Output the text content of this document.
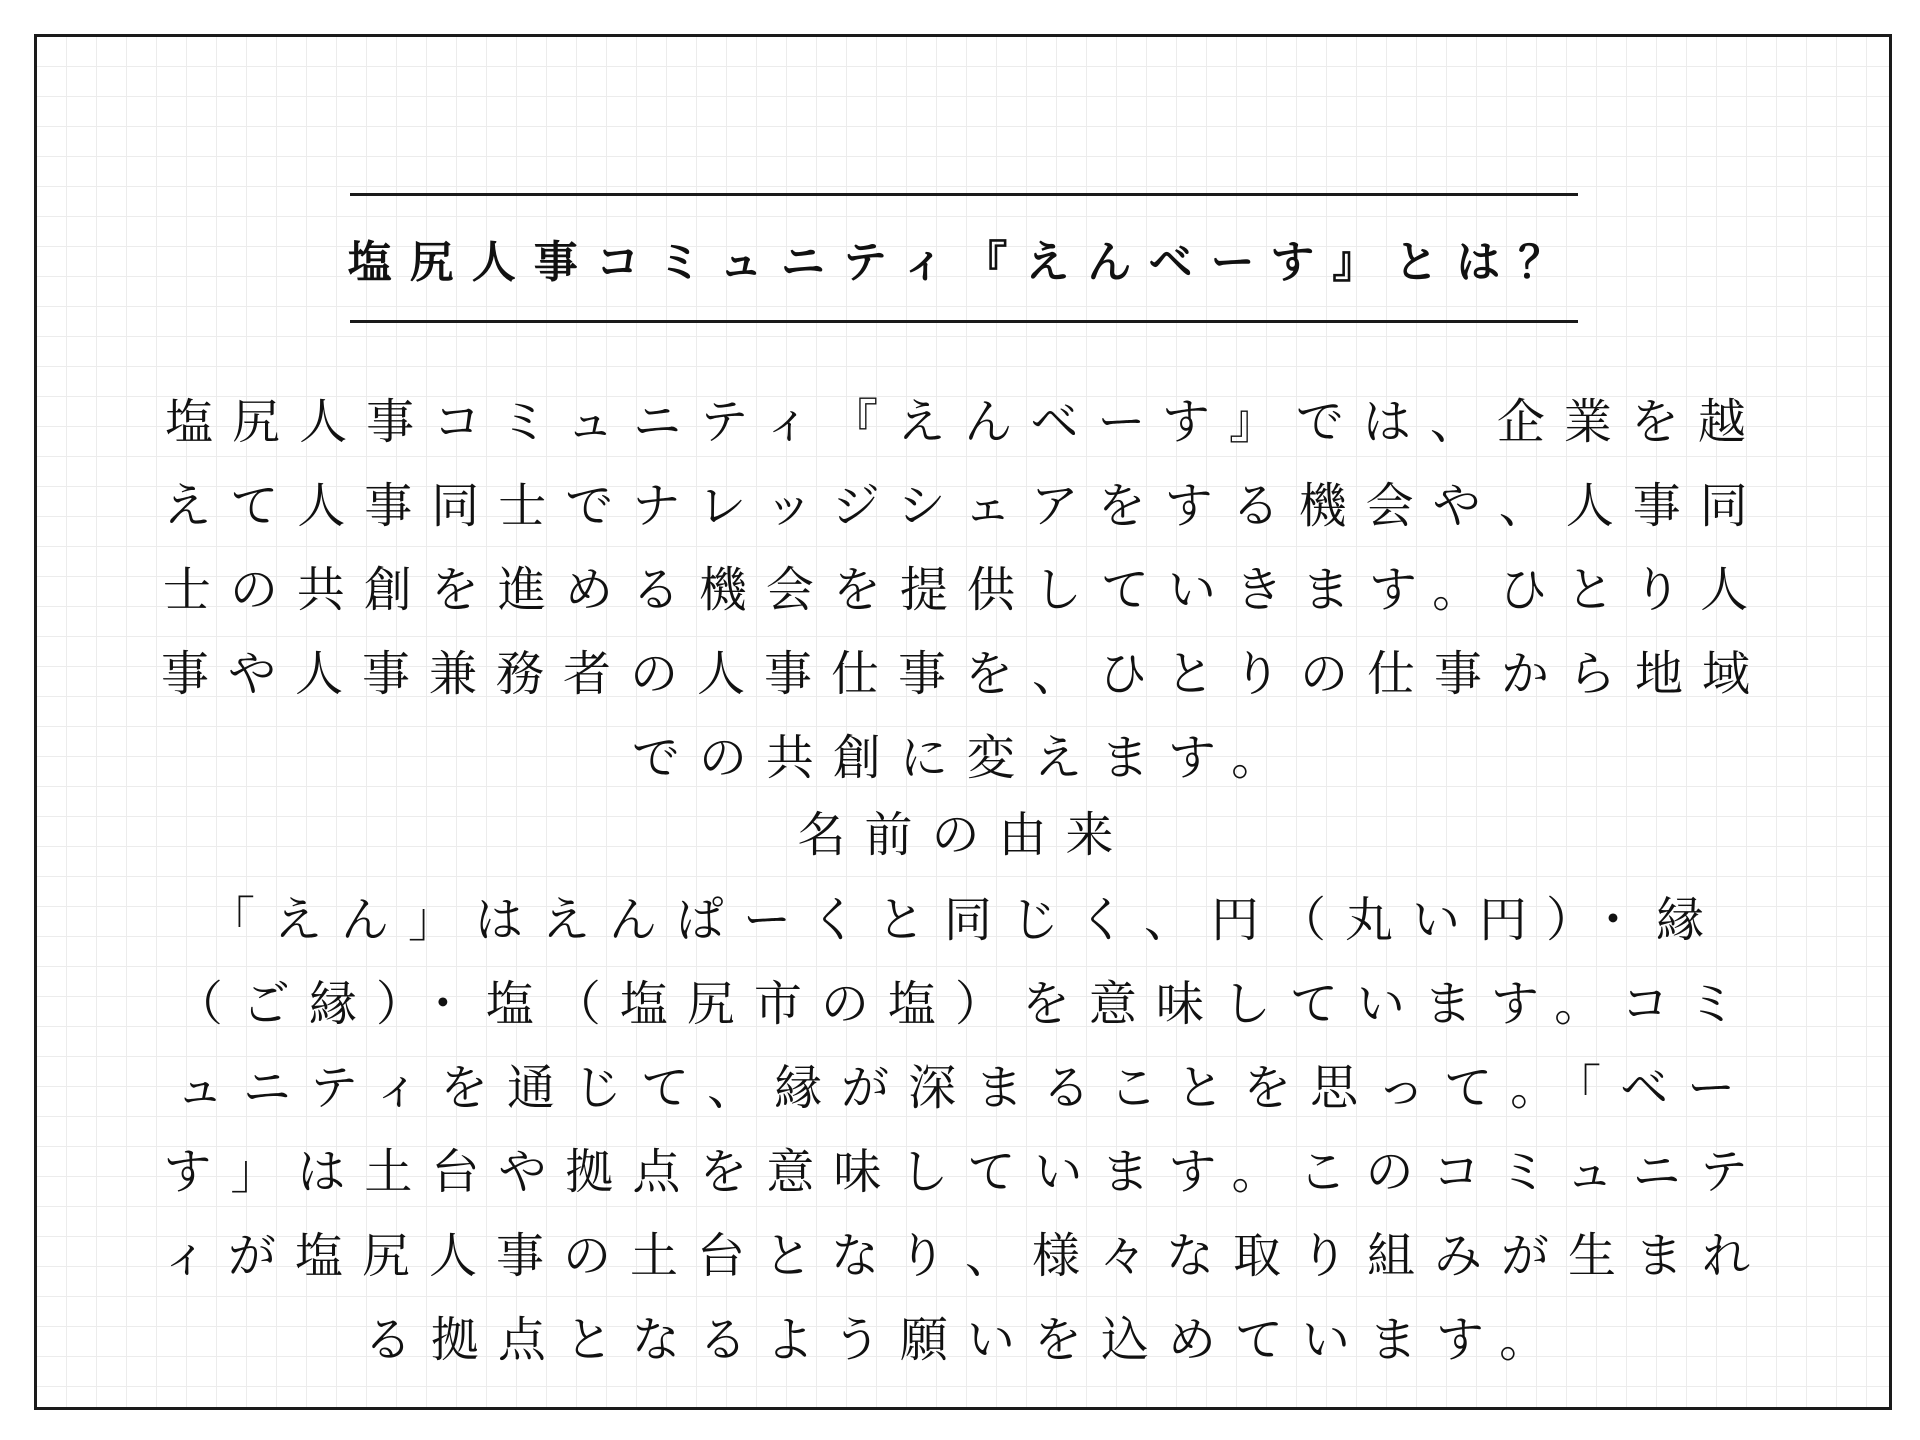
塩尻人事コミュニティ『えんベーす』とは？

塩尻人事コミュニティ『えんベーす』では、企業を越えて人事同士でナレッジシェアをする機会や、人事同士の共創を進める機会を提供していきます。ひとり人事や人事兼務者の人事仕事を、ひとりの仕事から地域での共創に変えます。

名前の由来

「えん」はえんぱーくと同じく、円（丸い円）・縁（ご縁）・塩（塩尻市の塩）を意味しています。コミュニティを通じて、縁が深まることを思って。「ベーす」は土台や拠点を意味しています。このコミュニティが塩尻人事の土台となり、様々な取り組みが生まれる拠点となるよう願いを込めています。
